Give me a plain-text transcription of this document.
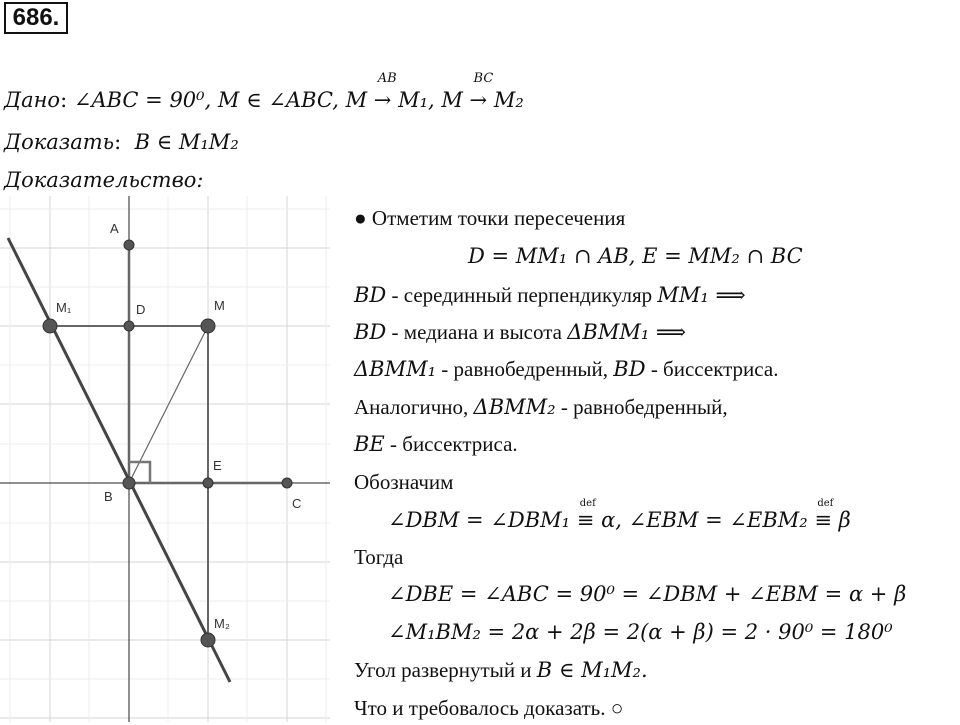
686.
Дано: ∠ABC = 90⁰, M ∈ ∠ABC, M →
AB
M₁, M →
BC
M₂
Доказать:  B ∈ M₁M₂
Доказательство:
A
M₁	D	M
E
B	C
M₂
● Отметим точки пересечения
D = MM₁ ∩ AB, E = MM₂ ∩ BC
BD - серединный перпендикуляр MM₁ ⟹
BD - медиана и высота ΔBMM₁ ⟹
ΔBMM₁ - равнобедренный, BD - биссектриса.
Аналогично, ΔBMM₂ - равнобедренный,
BE - биссектриса.
Обозначим
∠DBM = ∠DBM₁ ≡
def
α, ∠EBM = ∠EBM₂ ≡
def
β
Тогда
∠DBE = ∠ABC = 90⁰ = ∠DBM + ∠EBM = α + β
∠M₁BM₂ = 2α + 2β = 2(α + β) = 2 · 90⁰ = 180⁰
Угол развернутый и B ∈ M₁M₂.
Что и требовалось доказать. ○
